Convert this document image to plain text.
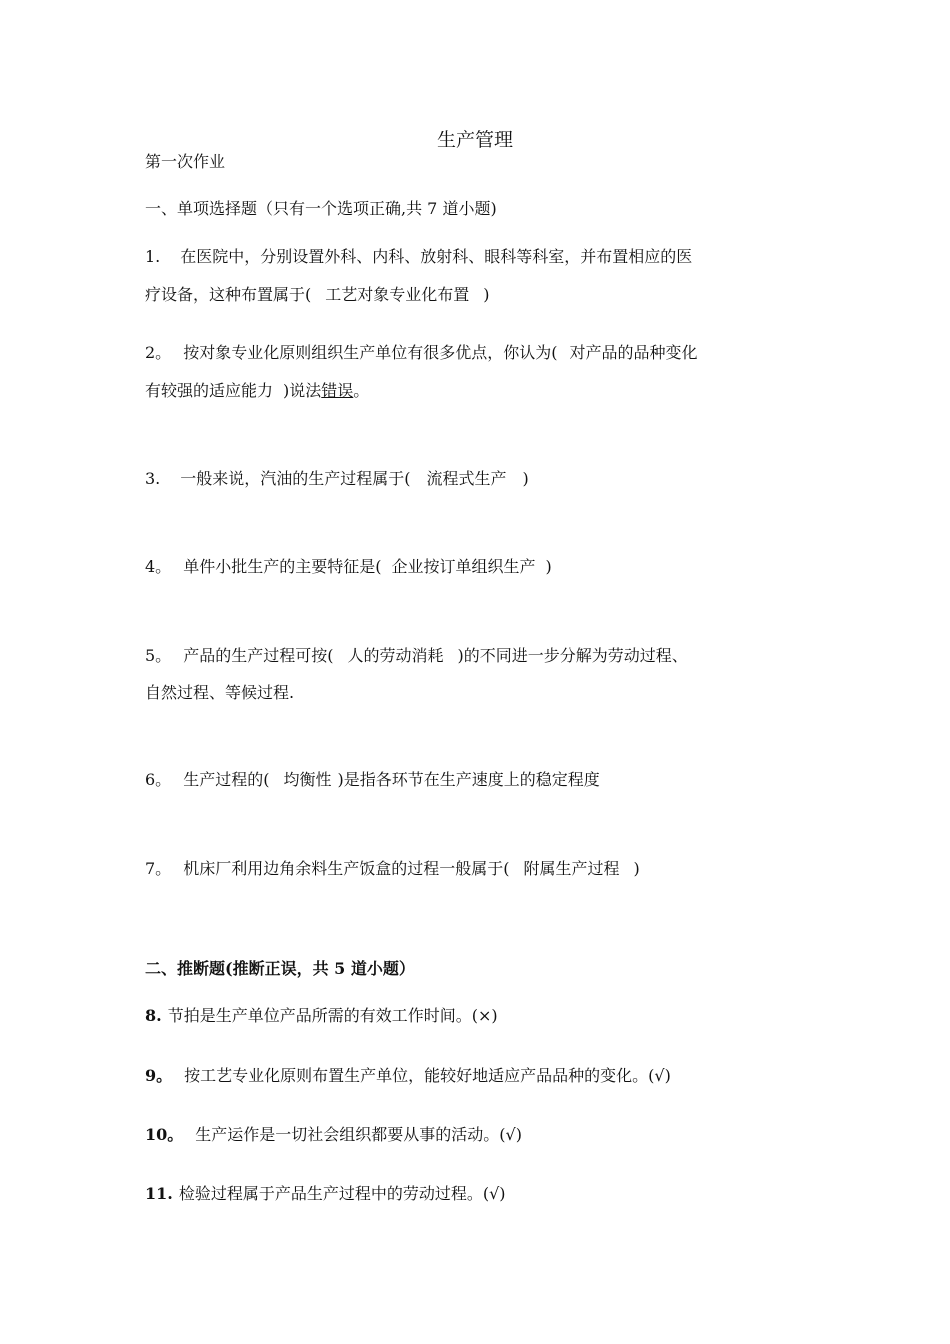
生产管理
第一次作业
一、单项选择题（只有一个选项正确,共 7 道小题)
1. 在医院中，分别设置外科、内科、放射科、眼科等科室，并布置相应的医
疗设备，这种布置属于( 工艺对象专业化布置 )
2。 按对象专业化原则组织生产单位有很多优点，你认为( 对产品的品种变化
有较强的适应能力 )说法错误。
3. 一般来说，汽油的生产过程属于( 流程式生产 )
4。 单件小批生产的主要特征是( 企业按订单组织生产 )
5。 产品的生产过程可按( 人的劳动消耗 )的不同进一步分解为劳动过程、
自然过程、等候过程.
6。 生产过程的( 均衡性 )是指各环节在生产速度上的稳定程度
7。 机床厂利用边角余料生产饭盒的过程一般属于( 附属生产过程 )
二、推断题(推断正误，共 5 道小题）
8. 节拍是生产单位产品所需的有效工作时间。(×)
9。 按工艺专业化原则布置生产单位，能较好地适应产品品种的变化。(√)
10。 生产运作是一切社会组织都要从事的活动。(√)
11. 检验过程属于产品生产过程中的劳动过程。(√)
